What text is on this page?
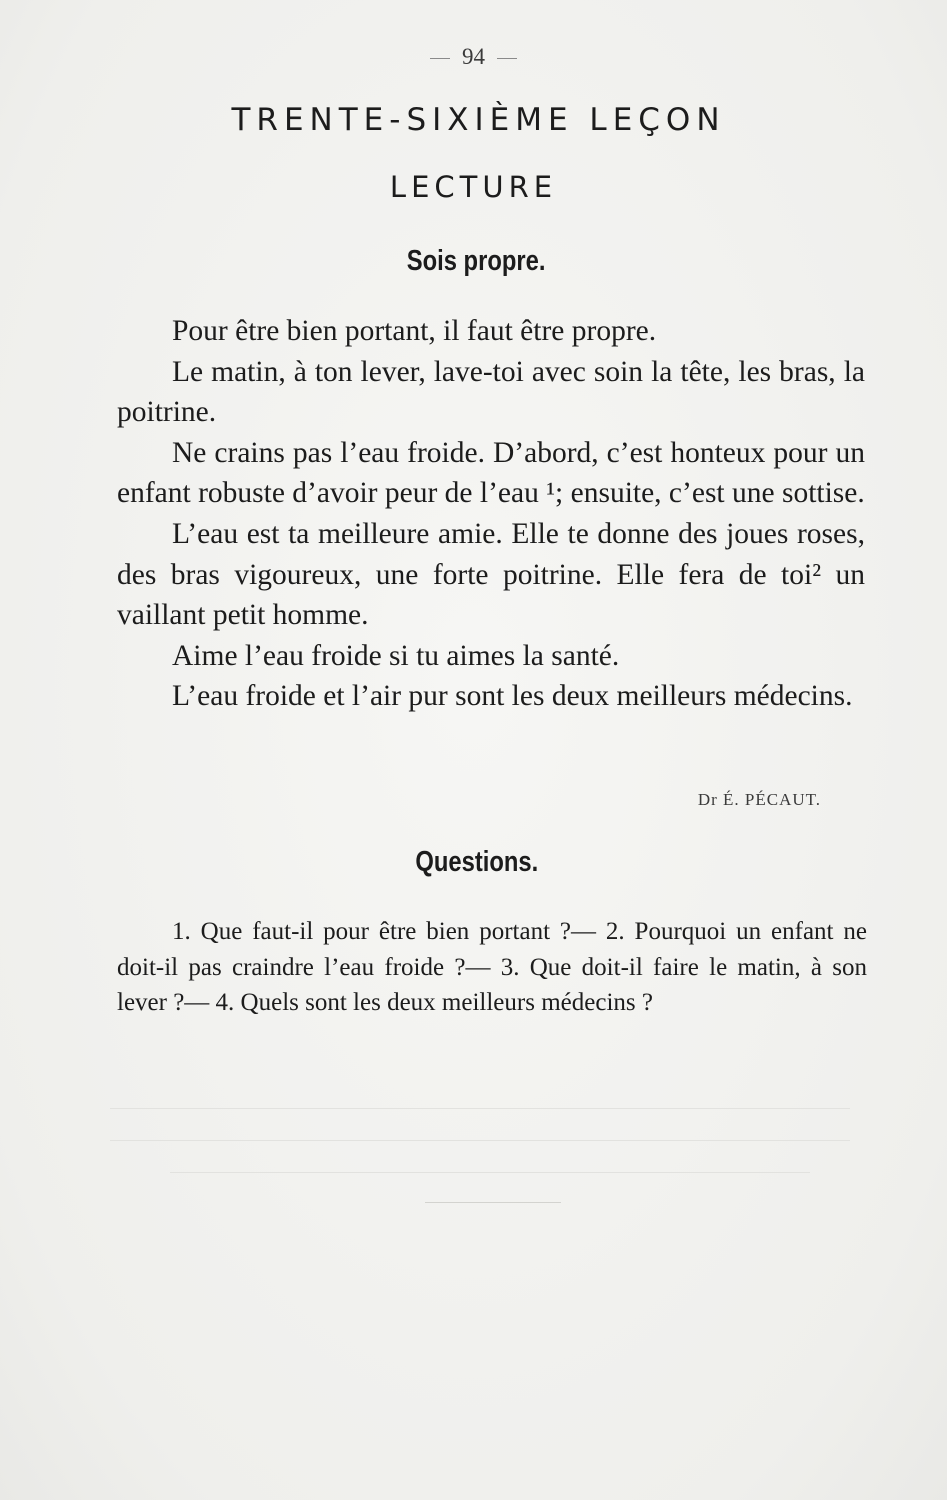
94
TRENTE-SIXIÈME LEÇON
LECTURE
Sois propre.

Pour être bien portant, il faut être propre.

Le matin, à ton lever, lave-toi avec soin la tête, les bras, la poitrine.

Ne crains pas l’eau froide. D’abord, c’est honteux pour un enfant robuste d’avoir peur de l’eau ¹; ensuite, c’est une sottise.

L’eau est ta meilleure amie. Elle te donne des joues roses, des bras vigoureux, une forte poitrine. Elle fera de toi² un vaillant petit homme.

Aime l’eau froide si tu aimes la santé.

L’eau froide et l’air pur sont les deux meilleurs médecins.

Dr É. PÉCAUT.
Questions.
1. Que faut-il pour être bien portant ?— 2. Pourquoi un enfant ne doit-il pas craindre l’eau froide ?— 3. Que doit-il faire le matin, à son lever ?— 4. Quels sont les deux meilleurs médecins ?
